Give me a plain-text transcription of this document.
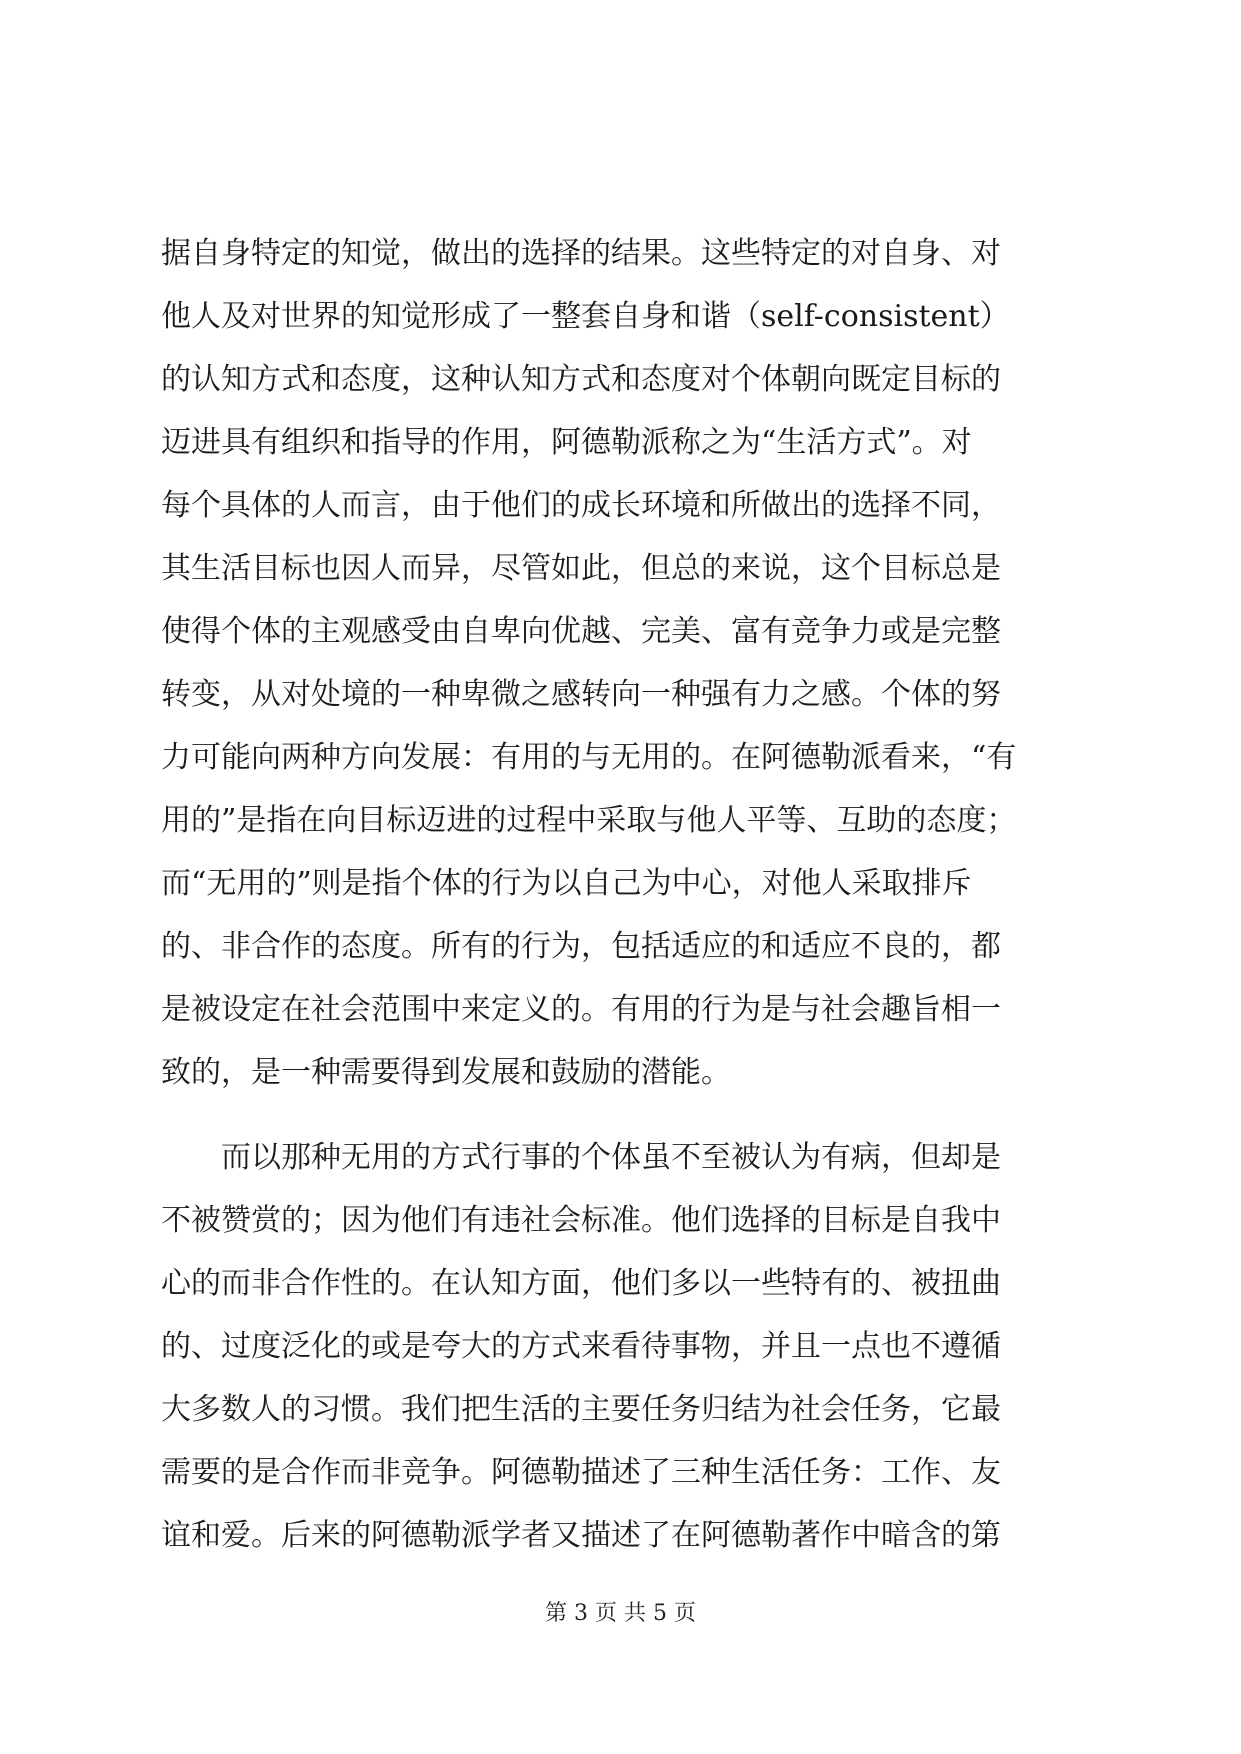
据自身特定的知觉，做出的选择的结果。这些特定的对自身、对
他人及对世界的知觉形成了一整套自身和谐（self-consistent）
的认知方式和态度，这种认知方式和态度对个体朝向既定目标的
迈进具有组织和指导的作用，阿德勒派称之为“生活方式”。对
每个具体的人而言，由于他们的成长环境和所做出的选择不同，
其生活目标也因人而异，尽管如此，但总的来说，这个目标总是
使得个体的主观感受由自卑向优越、完美、富有竞争力或是完整
转变，从对处境的一种卑微之感转向一种强有力之感。个体的努
力可能向两种方向发展：有用的与无用的。在阿德勒派看来，“有
用的”是指在向目标迈进的过程中采取与他人平等、互助的态度；
而“无用的”则是指个体的行为以自己为中心，对他人采取排斥
的、非合作的态度。所有的行为，包括适应的和适应不良的，都
是被设定在社会范围中来定义的。有用的行为是与社会趣旨相一
致的，是一种需要得到发展和鼓励的潜能。
　　而以那种无用的方式行事的个体虽不至被认为有病，但却是
不被赞赏的；因为他们有违社会标准。他们选择的目标是自我中
心的而非合作性的。在认知方面，他们多以一些特有的、被扭曲
的、过度泛化的或是夸大的方式来看待事物，并且一点也不遵循
大多数人的习惯。我们把生活的主要任务归结为社会任务，它最
需要的是合作而非竞争。阿德勒描述了三种生活任务：工作、友
谊和爱。后来的阿德勒派学者又描述了在阿德勒著作中暗含的第
第 3 页 共 5 页
